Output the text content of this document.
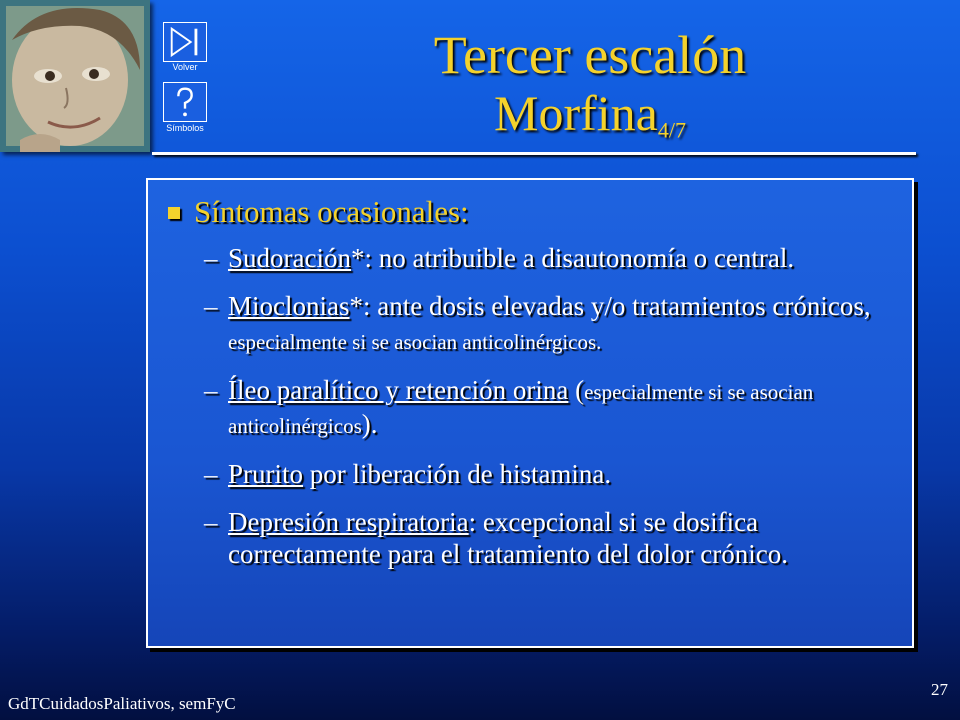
Volver
Símbolos
Tercer escalón
Morfina$_{4/7}$
Síntomas ocasionales:
– Sudoración*: no atribuible a disautonomía o central.
– Mioclonias*: ante dosis elevadas y/o tratamientos crónicos, especialmente si se asocian anticolinérgicos.
– Íleo paralítico y retención orina (especialmente si se asocian anticolinérgicos).
– Prurito por liberación de histamina.
– Depresión respiratoria: excepcional si se dosifica correctamente para el tratamiento del dolor crónico.
GdTCuidadosPaliativos, semFyC
27
